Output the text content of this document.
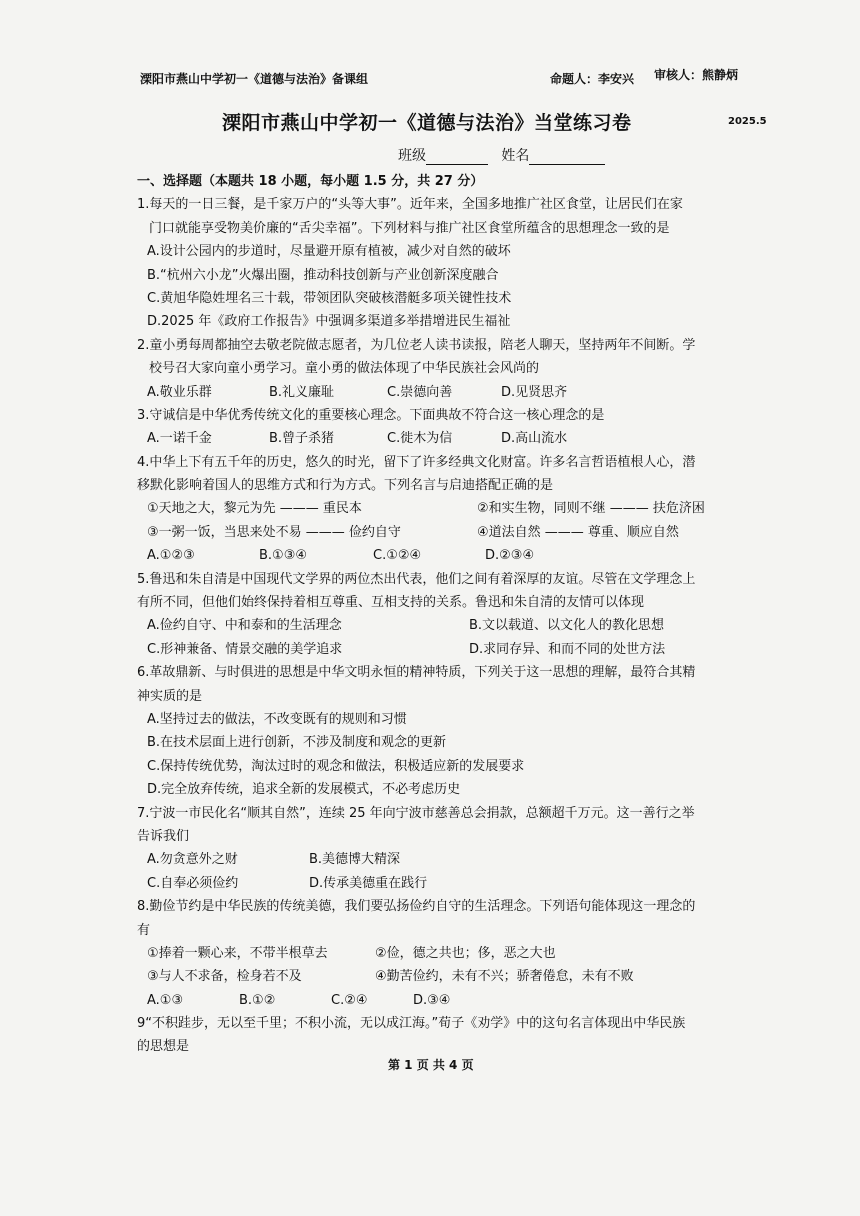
溧阳市燕山中学初一《道德与法治》备课组	命题人：李安兴 审核人：熊静炳
溧阳市燕山中学初一《道德与法治》当堂练习卷	2025.5
班级	姓名
一、选择题（本题共 18 小题，每小题 1.5 分，共 27 分）
1.每天的一日三餐，是千家万户的“头等大事”。近年来，全国多地推广社区食堂，让居民们在家
门口就能享受物美价廉的“舌尖幸福”。下列材料与推广社区食堂所蕴含的思想理念一致的是
A.设计公园内的步道时，尽量避开原有植被，减少对自然的破坏
B.“杭州六小龙”火爆出圈，推动科技创新与产业创新深度融合
C.黄旭华隐姓埋名三十载，带领团队突破核潜艇多项关键性技术
D.2025 年《政府工作报告》中强调多渠道多举措增进民生福祉
2.童小勇每周都抽空去敬老院做志愿者，为几位老人读书读报，陪老人聊天，坚持两年不间断。学
校号召大家向童小勇学习。童小勇的做法体现了中华民族社会风尚的
A.敬业乐群	B.礼义廉耻	C.崇德向善	D.见贤思齐
3.守诚信是中华优秀传统文化的重要核心理念。下面典故不符合这一核心理念的是
A.一诺千金	B.曾子杀猪	C.徙木为信	D.高山流水
4.中华上下有五千年的历史，悠久的时光，留下了许多经典文化财富。许多名言哲语植根人心，潜
移默化影响着国人的思维方式和行为方式。下列名言与启迪搭配正确的是
①天地之大，黎元为先 ——— 重民本	②和实生物，同则不继 ——— 扶危济困
③一粥一饭，当思来处不易 ——— 俭约自守	④道法自然 ——— 尊重、顺应自然
A.①②③	B.①③④	C.①②④	D.②③④
5.鲁迅和朱自清是中国现代文学界的两位杰出代表，他们之间有着深厚的友谊。尽管在文学理念上
有所不同，但他们始终保持着相互尊重、互相支持的关系。鲁迅和朱自清的友情可以体现
A.俭约自守、中和泰和的生活理念	B.文以载道、以文化人的教化思想
C.形神兼备、情景交融的美学追求	D.求同存异、和而不同的处世方法
6.革故鼎新、与时俱进的思想是中华文明永恒的精神特质，下列关于这一思想的理解，最符合其精
神实质的是
A.坚持过去的做法，不改变既有的规则和习惯
B.在技术层面上进行创新，不涉及制度和观念的更新
C.保持传统优势，淘汰过时的观念和做法，积极适应新的发展要求
D.完全放弃传统，追求全新的发展模式，不必考虑历史
7.宁波一市民化名“顺其自然”，连续 25 年向宁波市慈善总会捐款，总额超千万元。这一善行之举
告诉我们
A.勿贪意外之财	B.美德博大精深
C.自奉必须俭约	D.传承美德重在践行
8.勤俭节约是中华民族的传统美德，我们要弘扬俭约自守的生活理念。下列语句能体现这一理念的
有
①捧着一颗心来，不带半根草去	②俭，德之共也；侈，恶之大也
③与人不求备，检身若不及	④勤苦俭约，未有不兴；骄奢倦怠，未有不败
A.①③	B.①②	C.②④	D.③④
9“不积跬步，无以至千里；不积小流，无以成江海。”荀子《劝学》中的这句名言体现出中华民族
的思想是
第 1 页 共 4 页
